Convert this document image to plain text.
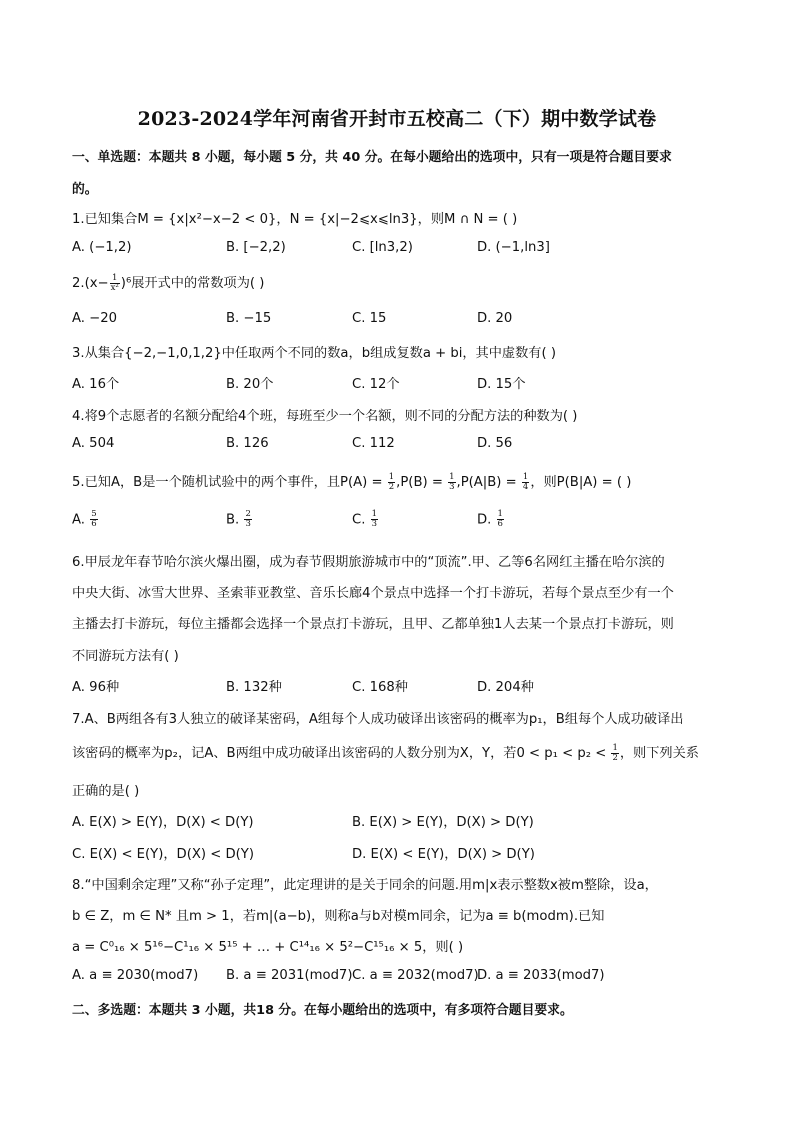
2023-2024学年河南省开封市五校高二（下）期中数学试卷
一、单选题：本题共 8 小题，每小题 5 分，共 40 分。在每小题给出的选项中，只有一项是符合题目要求
的。
1.已知集合M = {x|x²−x−2 < 0}，N = {x|−2⩽x⩽ln3}，则M ∩ N = ( )
A. (−1,2)	B. [−2,2)	C. [ln3,2)	D. (−1,ln3]
$2.(x- \frac{1}{\text{x²}} )^6$展开式中的常数项为( )
A. −20	B. −15	C. 15	D. 20
3.从集合{−2,−1,0,1,2}中任取两个不同的数a，b组成复数a + bi，其中虚数有( )
A. 16个	B. 20个	C. 12个	D. 15个
4.将9个志愿者的名额分配给4个班，每班至少一个名额，则不同的分配方法的种数为( )
A. 504	B. 126	C. 112	D. 56
5.已知A，B是一个随机试验中的两个事件，且$P(A) = \frac{1}{2} ,P(B) = \frac{1}{3} ,P(A|B) = \frac{1}{4}$ ，则P(B|A) = ( )
A. $\frac{5}{6}$	B. $\frac{2}{3}$	C. $\frac{1}{3}$	D. $\frac{1}{6}$
6.甲辰龙年春节哈尔滨火爆出圈，成为春节假期旅游城市中的“顶流”.甲、乙等6名网红主播在哈尔滨的
中央大街、冰雪大世界、圣索菲亚教堂、音乐长廊4个景点中选择一个打卡游玩，若每个景点至少有一个
主播去打卡游玩，每位主播都会选择一个景点打卡游玩，且甲、乙都单独1人去某一个景点打卡游玩，则
不同游玩方法有( )
A. 96种	B. 132种	C. 168种	D. 204种
7.A、B两组各有3人独立的破译某密码，A组每个人成功破译出该密码的概率为p₁，B组每个人成功破译出
该密码的概率为p₂，记A、B两组中成功破译出该密码的人数分别为X，Y，若$0 < p_1 < p_2 < \frac{1}{2}$ ，则下列关系
正确的是( )
A. E(X) > E(Y)，D(X) < D(Y)	B. E(X) > E(Y)，D(X) > D(Y)
C. E(X) < E(Y)，D(X) < D(Y)	D. E(X) < E(Y)，D(X) > D(Y)
8.“中国剩余定理”又称“孙子定理”，此定理讲的是关于同余的问题.用m|x表示整数x被m整除，设a，
b ∈ Z，m ∈ N* 且m > 1，若m|(a−b)，则称a与b对模m同余，记为a ≡ b(modm).已知
a = C⁰₁₆ × 5¹⁶−C¹₁₆ × 5¹⁵ + … + C¹⁴₁₆ × 5²−C¹⁵₁₆ × 5，则( )
A. a ≡ 2030(mod7) B. a ≡ 2031(mod7) C. a ≡ 2032(mod7)
D. a ≡ 2033(mod7)
二、多选题：本题共 3 小题，共18 分。在每小题给出的选项中，有多项符合题目要求。
